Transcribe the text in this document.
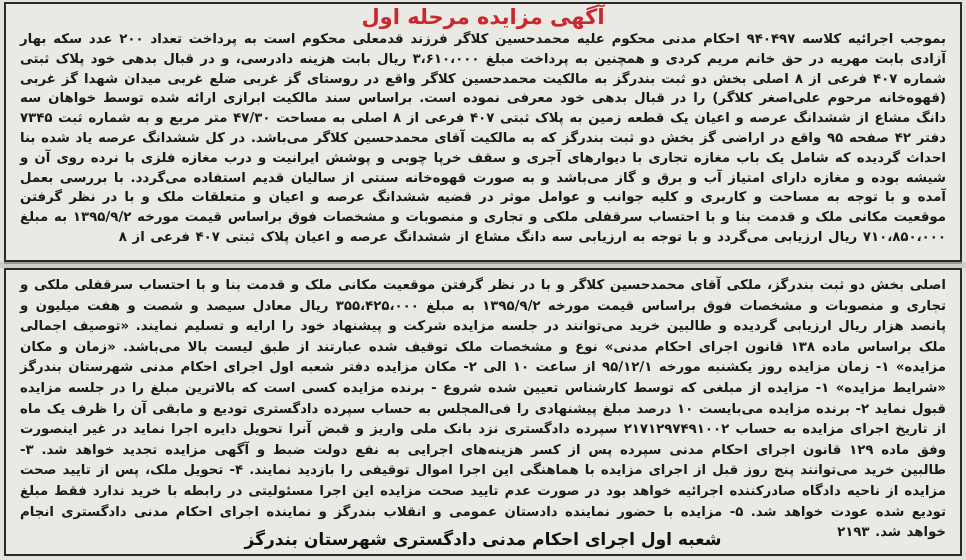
آگهی مزایده مرحله اول
بموجب اجرائیه کلاسه ۹۴۰۴۹۷ احکام مدنی محکوم علیه محمدحسین کلاگر فرزند قدمعلی محکوم است به پرداخت تعداد ۲۰۰ عدد سکه بهار آزادی بابت مهریه در حق خانم مریم کردی و همچنین به پرداخت مبلغ ۳،۶۱۰،۰۰۰ ریال بابت هزینه دادرسی، و در قبال بدهی خود پلاک ثبتی شماره ۴۰۷ فرعی از ۸ اصلی بخش دو ثبت بندرگز به مالکیت محمدحسین کلاگر واقع در روستای گز غربی ضلع غربی میدان شهدا گز غربی (قهوه‌خانه مرحوم علی‌اصغر کلاگر) را در قبال بدهی خود معرفی نموده است. براساس سند مالکیت ابرازی ارائه شده توسط خواهان سه دانگ مشاع از ششدانگ عرصه و اعیان یک قطعه زمین به پلاک ثبتی ۴۰۷ فرعی از ۸ اصلی به مساحت ۴۷/۳۰ متر مربع و به شماره ثبت ۷۳۴۵ دفتر ۴۲ صفحه ۹۵ واقع در اراضی گز بخش دو ثبت بندرگز که به مالکیت آقای محمدحسین کلاگر می‌باشد. در کل ششدانگ عرصه یاد شده بنا احداث گردیده که شامل یک باب مغازه تجاری با دیوارهای آجری و سقف خرپا چوبی و پوشش ایرانیت و درب مغازه فلزی با نرده روی آن و شیشه بوده و مغازه دارای امتیاز آب و برق و گاز می‌باشد و به صورت قهوه‌خانه سنتی از سالیان قدیم استفاده می‌گردد. با بررسی بعمل آمده و با توجه به مساحت و کاربری و کلیه جوانب و عوامل موثر در قضیه ششدانگ عرصه و اعیان و متعلقات ملک و با در نظر گرفتن موقعیت مکانی ملک و قدمت بنا و با احتساب سرقفلی ملکی و تجاری و منصوبات و مشخصات فوق براساس قیمت مورخه ۱۳۹۵/۹/۲ به مبلغ ۷۱۰،۸۵۰،۰۰۰ ریال ارزیابی می‌گردد و با توجه به ارزیابی سه دانگ مشاع از ششدانگ عرصه و اعیان پلاک ثبتی ۴۰۷ فرعی از ۸
اصلی بخش دو ثبت بندرگز، ملکی آقای محمدحسین کلاگر و با در نظر گرفتن موقعیت مکانی ملک و قدمت بنا و با احتساب سرقفلی ملکی و تجاری و منصوبات و مشخصات فوق براساس قیمت مورخه ۱۳۹۵/۹/۲ به مبلغ ۳۵۵،۴۲۵،۰۰۰ ریال معادل سیصد و شصت و هفت میلیون و پانصد هزار ریال ارزیابی گردیده و طالبین خرید می‌توانند در جلسه مزایده شرکت و پیشنهاد خود را ارایه و تسلیم نمایند. «توصیف اجمالی ملک براساس ماده ۱۳۸ قانون اجرای احکام مدنی» نوع و مشخصات ملک توقیف شده عبارتند از طبق لیست بالا می‌باشد. «زمان و مکان مزایده» ۱- زمان مزایده روز یکشنبه مورخه ۹۵/۱۲/۱ از ساعت ۱۰ الی ۲- مکان مزایده دفتر شعبه اول اجرای احکام مدنی شهرستان بندرگز «شرایط مزایده» ۱- مزایده از مبلغی که توسط کارشناس تعیین شده شروع - برنده مزایده کسی است که بالاترین مبلغ را در جلسه مزایده قبول نماید ۲- برنده مزایده می‌بایست ۱۰ درصد مبلغ پیشنهادی را فی‌المجلس به حساب سپرده دادگستری تودیع و مابقی آن را ظرف یک ماه از تاریخ اجرای مزایده به حساب ۲۱۷۱۲۹۷۴۹۱۰۰۲ سپرده دادگستری نزد بانک ملی واریز و قبض آنرا تحویل دایره اجرا نماید در غیر اینصورت وفق ماده ۱۲۹ قانون اجرای احکام مدنی سپرده پس از کسر هزینه‌های اجرایی به نفع دولت ضبط و آگهی مزایده تجدید خواهد شد. ۳- طالبین خرید می‌توانند پنج روز قبل از اجرای مزایده با هماهنگی این اجرا اموال توقیفی را بازدید نمایند. ۴- تحویل ملک، پس از تایید صحت مزایده از ناحیه دادگاه صادرکننده اجرائیه خواهد بود در صورت عدم تایید صحت مزایده این اجرا مسئولیتی در رابطه با خرید ندارد فقط مبلغ تودیع شده عودت خواهد شد. ۵- مزایده با حضور نماینده دادستان عمومی و انقلاب بندرگز و نماینده اجرای احکام مدنی دادگستری انجام خواهد شد. ۲۱۹۳
شعبه اول اجرای احکام مدنی دادگستری شهرستان بندرگز
